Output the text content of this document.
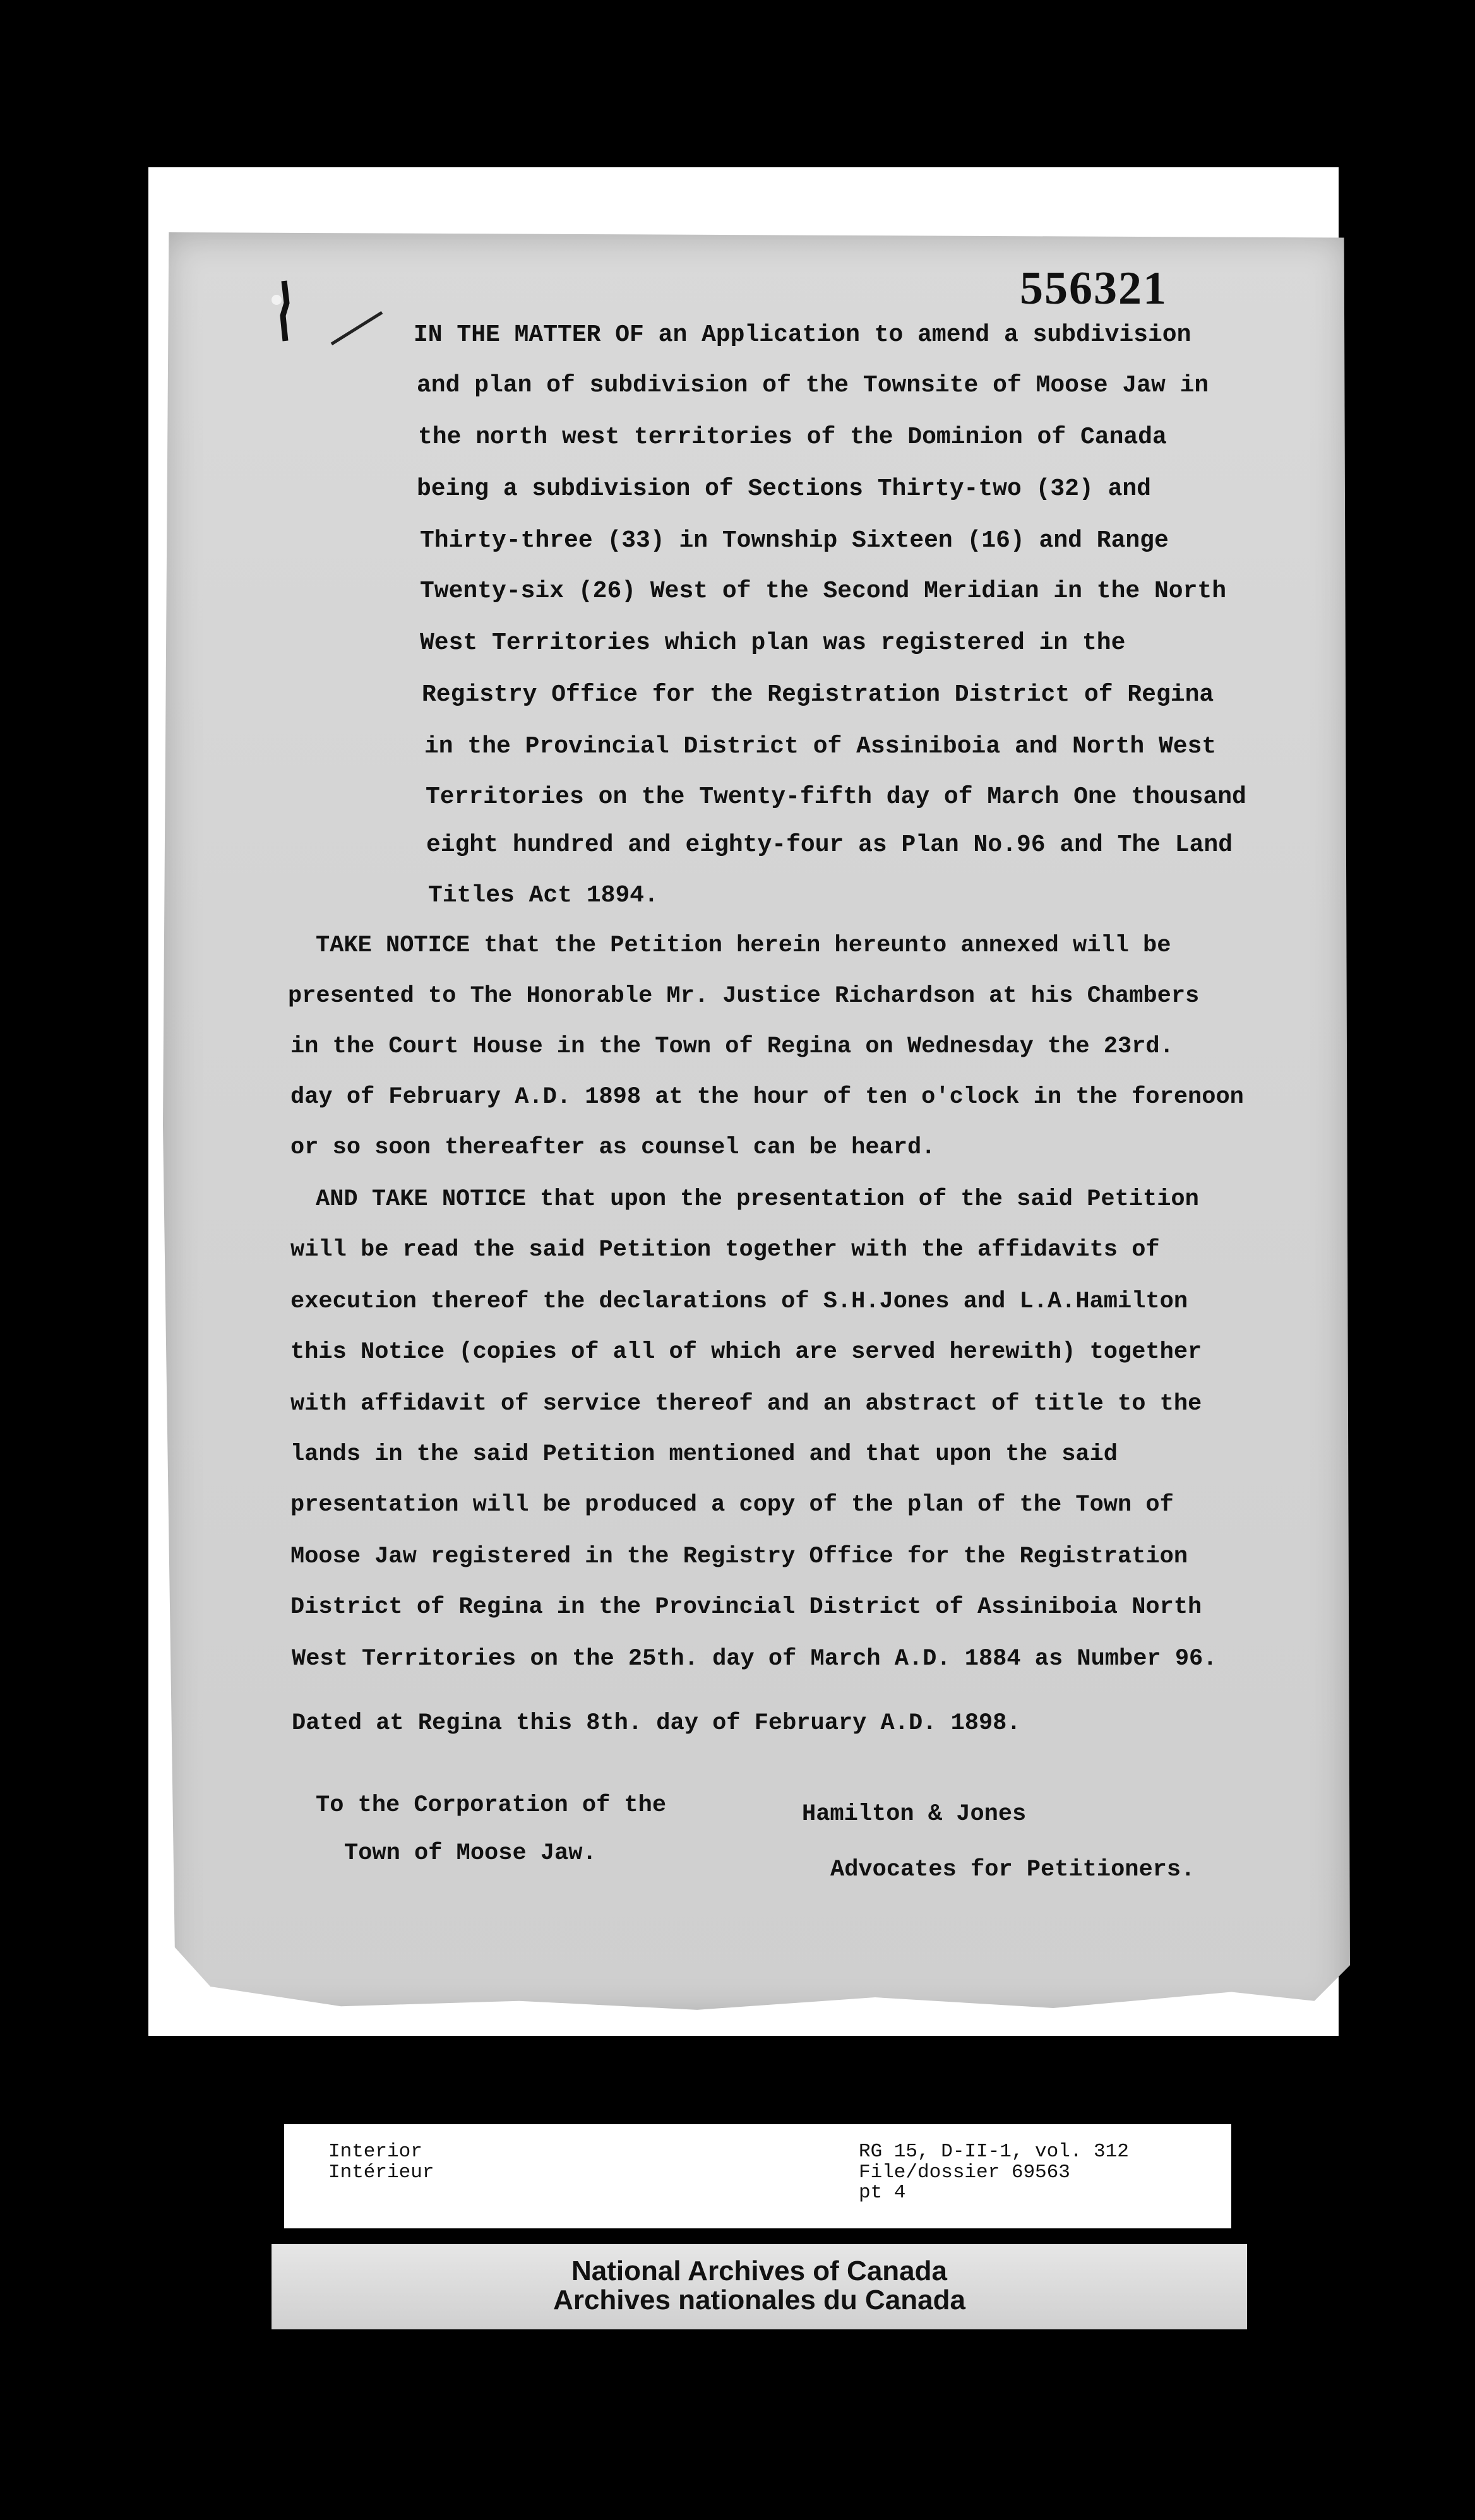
556321
IN THE MATTER OF an Application to amend a subdivision
and plan of subdivision of the Townsite of Moose Jaw in
the north west territories of the Dominion of Canada
being a subdivision of Sections Thirty-two (32) and
Thirty-three (33) in Township Sixteen (16) and Range
Twenty-six (26) West of the Second Meridian in the North
West Territories which plan was registered in the
Registry Office for the Registration District of Regina
in the Provincial District of Assiniboia and North West
Territories on the Twenty-fifth day of March One thousand
eight hundred and eighty-four as Plan No.96 and The Land
Titles Act 1894.
TAKE NOTICE that the Petition herein hereunto annexed will be
presented to The Honorable Mr. Justice Richardson at his Chambers
in the Court House in the Town of Regina on Wednesday the 23rd.
day of February A.D. 1898 at the hour of ten o'clock in the forenoon
or so soon thereafter as counsel can be heard.
AND TAKE NOTICE that upon the presentation of the said Petition
will be read the said Petition together with the affidavits of
execution thereof the declarations of S.H.Jones and L.A.Hamilton
this Notice (copies of all of which are served herewith) together
with affidavit of service thereof and an abstract of title to the
lands in the said Petition mentioned and that upon the said
presentation will be produced a copy of the plan of the Town of
Moose Jaw registered in the Registry Office for the Registration
District of Regina in the Provincial District of Assiniboia North
West Territories on the 25th. day of March A.D. 1884 as Number 96.
Dated at Regina this 8th. day of February A.D. 1898.
To the Corporation of the
Town of Moose Jaw.
Hamilton & Jones
Advocates for Petitioners.
Interior
Intérieur
RG 15, D-II-1, vol. 312
File/dossier 69563
pt 4
National Archives of Canada
Archives nationales du Canada
